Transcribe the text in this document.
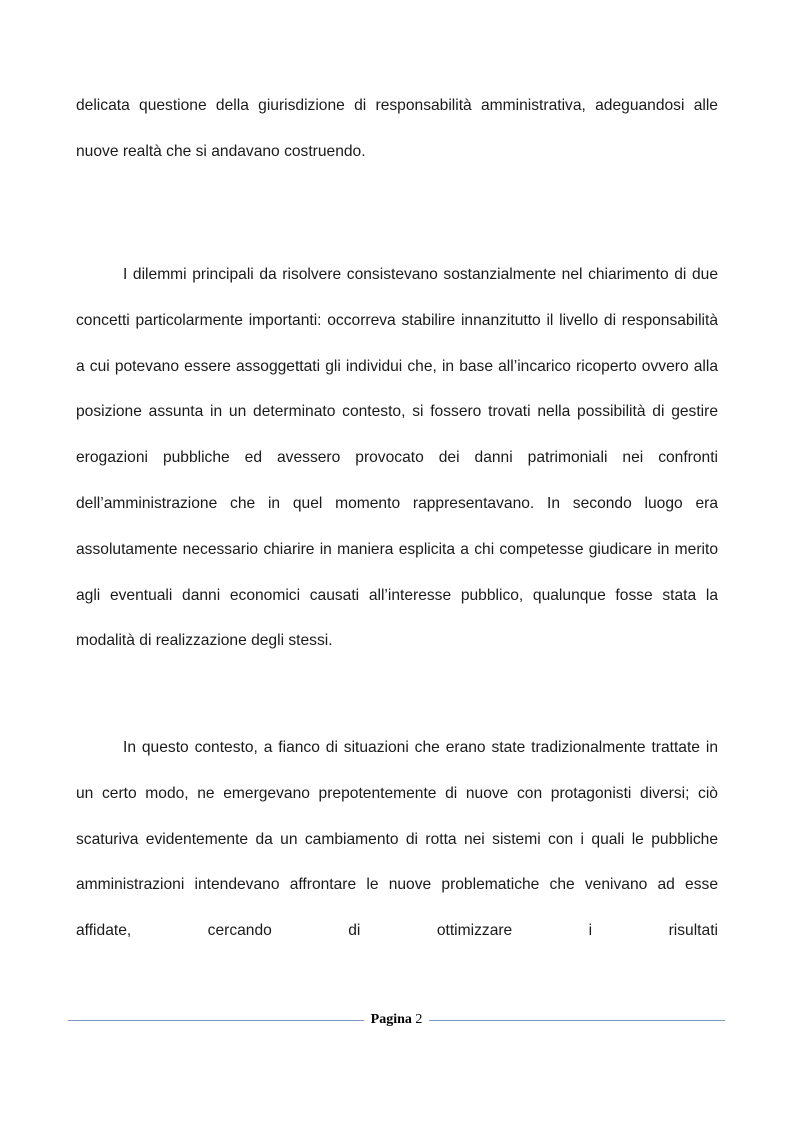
delicata questione della giurisdizione di responsabilità amministrativa, adeguandosi alle nuove realtà che si andavano costruendo.

I dilemmi principali da risolvere consistevano sostanzialmente nel chiarimento di due concetti particolarmente importanti: occorreva stabilire innanzitutto il livello di responsabilità a cui potevano essere assoggettati gli individui che, in base all’incarico ricoperto ovvero alla posizione assunta in un determinato contesto, si fossero trovati nella possibilità di gestire erogazioni pubbliche ed avessero provocato dei danni patrimoniali nei confronti dell’amministrazione che in quel momento rappresentavano. In secondo luogo era assolutamente necessario chiarire in maniera esplicita a chi competesse giudicare in merito agli eventuali danni economici causati all’interesse pubblico, qualunque fosse stata la modalità di realizzazione degli stessi.

In questo contesto, a fianco di situazioni che erano state tradizionalmente trattate in un certo modo, ne emergevano prepotentemente di nuove con protagonisti diversi; ciò scaturiva evidentemente da un cambiamento di rotta nei sistemi con i quali le pubbliche amministrazioni intendevano affrontare le nuove problematiche che venivano ad esse affidate, cercando di ottimizzare i risultati

Pagina 2
